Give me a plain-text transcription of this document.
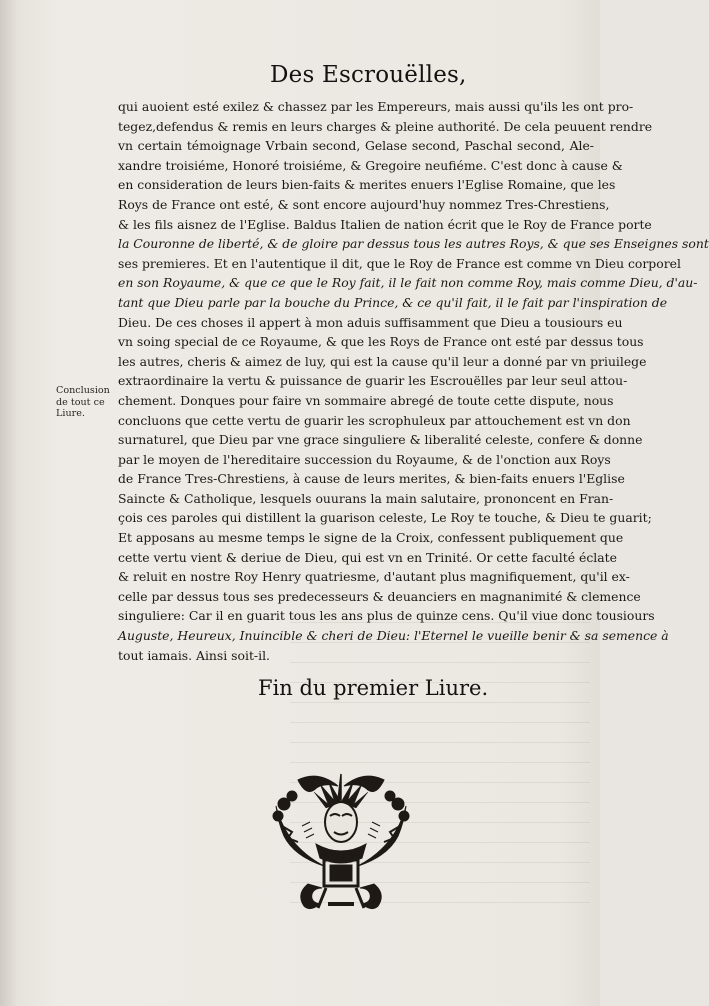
Des Escrouëlles,
Conclusion
de tout ce
Liure.
qui auoient esté exilez & chassez par les Empereurs, mais aussi qu'ils les ont pro-
tegez,defendus & remis en leurs charges & pleine authorité. De cela peuuent rendre
vn certain témoignage Vrbain second, Gelase second, Paschal second, Ale-
xandre troisiéme, Honoré troisiéme, & Gregoire neufiéme. C'est donc à cause &
en consideration de leurs bien-faits & merites enuers l'Eglise Romaine, que les
Roys de France ont esté, & sont encore aujourd'huy nommez Tres-Chrestiens,
& les fils aisnez de l'Eglise. Baldus Italien de nation écrit que le Roy de France porte
la Couronne de liberté, & de gloire par dessus tous les autres Roys, & que ses Enseignes sont
ses premieres. Et en l'autentique il dit, que le Roy de France est comme vn Dieu corporel
en son Royaume, & que ce que le Roy fait, il le fait non comme Roy, mais comme Dieu, d'au-
tant que Dieu parle par la bouche du Prince, & ce qu'il fait, il le fait par l'inspiration de
Dieu. De ces choses il appert à mon aduis suffisamment que Dieu a tousiours eu
vn soing special de ce Royaume, & que les Roys de France ont esté par dessus tous
les autres, cheris & aimez de luy, qui est la cause qu'il leur a donné par vn priuilege
extraordinaire la vertu & puissance de guarir les Escrouëlles par leur seul attou-
chement. Donques pour faire vn sommaire abregé de toute cette dispute, nous
concluons que cette vertu de guarir les scrophuleux par attouchement est vn don
surnaturel, que Dieu par vne grace singuliere & liberalité celeste, confere & donne
par le moyen de l'hereditaire succession du Royaume, & de l'onction aux Roys
de France Tres-Chrestiens, à cause de leurs merites, & bien-faits enuers l'Eglise
Saincte & Catholique, lesquels ouurans la main salutaire, prononcent en Fran-
çois ces paroles qui distillent la guarison celeste, Le Roy te touche, & Dieu te guarit;
Et apposans au mesme temps le signe de la Croix, confessent publiquement que
cette vertu vient & deriue de Dieu, qui est vn en Trinité. Or cette faculté éclate
& reluit en nostre Roy Henry quatriesme, d'autant plus magnifiquement, qu'il ex-
celle par dessus tous ses predecesseurs & deuanciers en magnanimité & clemence
singuliere: Car il en guarit tous les ans plus de quinze cens. Qu'il viue donc tousiours
Auguste, Heureux, Inuincible & cheri de Dieu: l'Eternel le vueille benir & sa semence à
tout iamais. Ainsi soit-il.
Fin du premier Liure.
